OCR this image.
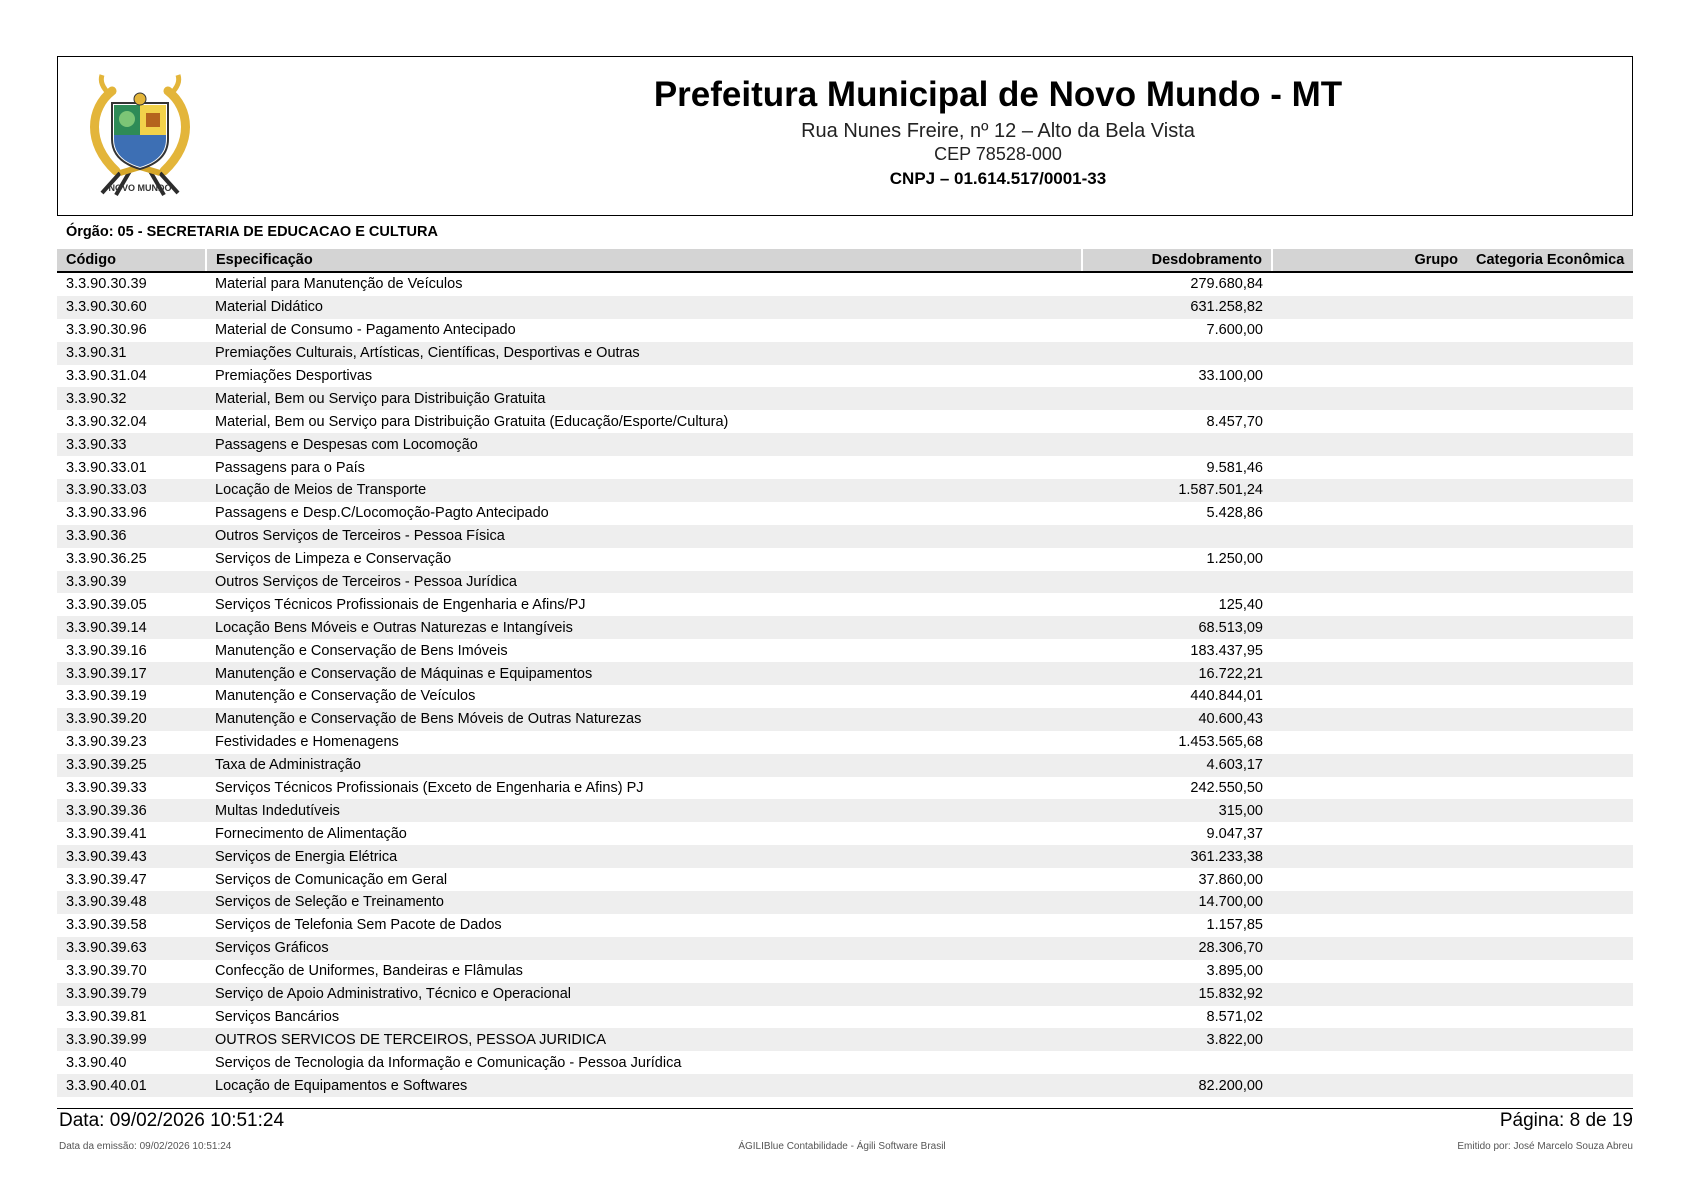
NOVO MUNDO
Prefeitura Municipal de Novo Mundo - MT
Rua Nunes Freire, nº 12 – Alto da Bela Vista
CEP 78528-000
CNPJ – 01.614.517/0001-33
Órgão: 05 - SECRETARIA DE EDUCACAO E CULTURA
Código	Especificação	Desdobramento	Grupo	Categoria Econômica
3.3.90.30.39	Material para Manutenção de Veículos	279.680,84		
3.3.90.30.60	Material Didático	631.258,82		
3.3.90.30.96	Material de Consumo - Pagamento Antecipado	7.600,00		
3.3.90.31	Premiações Culturais, Artísticas, Científicas, Desportivas e Outras			
3.3.90.31.04	Premiações Desportivas	33.100,00		
3.3.90.32	Material, Bem ou Serviço para Distribuição Gratuita			
3.3.90.32.04	Material, Bem ou Serviço para Distribuição Gratuita (Educação/Esporte/Cultura)	8.457,70		
3.3.90.33	Passagens e Despesas com Locomoção			
3.3.90.33.01	Passagens para o País	9.581,46		
3.3.90.33.03	Locação de Meios de Transporte	1.587.501,24		
3.3.90.33.96	Passagens e Desp.C/Locomoção-Pagto Antecipado	5.428,86		
3.3.90.36	Outros Serviços de Terceiros - Pessoa Física			
3.3.90.36.25	Serviços de Limpeza e Conservação	1.250,00		
3.3.90.39	Outros Serviços de Terceiros - Pessoa Jurídica			
3.3.90.39.05	Serviços Técnicos Profissionais de Engenharia e Afins/PJ	125,40		
3.3.90.39.14	Locação Bens Móveis e Outras Naturezas e Intangíveis	68.513,09		
3.3.90.39.16	Manutenção e Conservação de Bens Imóveis	183.437,95		
3.3.90.39.17	Manutenção e Conservação de Máquinas e Equipamentos	16.722,21		
3.3.90.39.19	Manutenção e Conservação de Veículos	440.844,01		
3.3.90.39.20	Manutenção e Conservação de Bens Móveis de Outras Naturezas	40.600,43		
3.3.90.39.23	Festividades e Homenagens	1.453.565,68		
3.3.90.39.25	Taxa de Administração	4.603,17		
3.3.90.39.33	Serviços Técnicos Profissionais (Exceto de Engenharia e Afins) PJ	242.550,50		
3.3.90.39.36	Multas Indedutíveis	315,00		
3.3.90.39.41	Fornecimento de Alimentação	9.047,37		
3.3.90.39.43	Serviços de Energia Elétrica	361.233,38		
3.3.90.39.47	Serviços de Comunicação em Geral	37.860,00		
3.3.90.39.48	Serviços de Seleção e Treinamento	14.700,00		
3.3.90.39.58	Serviços de Telefonia Sem Pacote de Dados	1.157,85		
3.3.90.39.63	Serviços Gráficos	28.306,70		
3.3.90.39.70	Confecção de Uniformes, Bandeiras e Flâmulas	3.895,00		
3.3.90.39.79	Serviço de Apoio Administrativo, Técnico e Operacional	15.832,92		
3.3.90.39.81	Serviços Bancários	8.571,02		
3.3.90.39.99	OUTROS SERVICOS DE TERCEIROS, PESSOA JURIDICA	3.822,00		
3.3.90.40	Serviços de Tecnologia da Informação e Comunicação - Pessoa Jurídica			
3.3.90.40.01	Locação de Equipamentos e Softwares	82.200,00		
Data: 09/02/2026 10:51:24	Página: 8 de 19
Data da emissão: 09/02/2026 10:51:24	ÁGILIBlue Contabilidade - Ágili Software Brasil	Emitido por: José Marcelo Souza Abreu
